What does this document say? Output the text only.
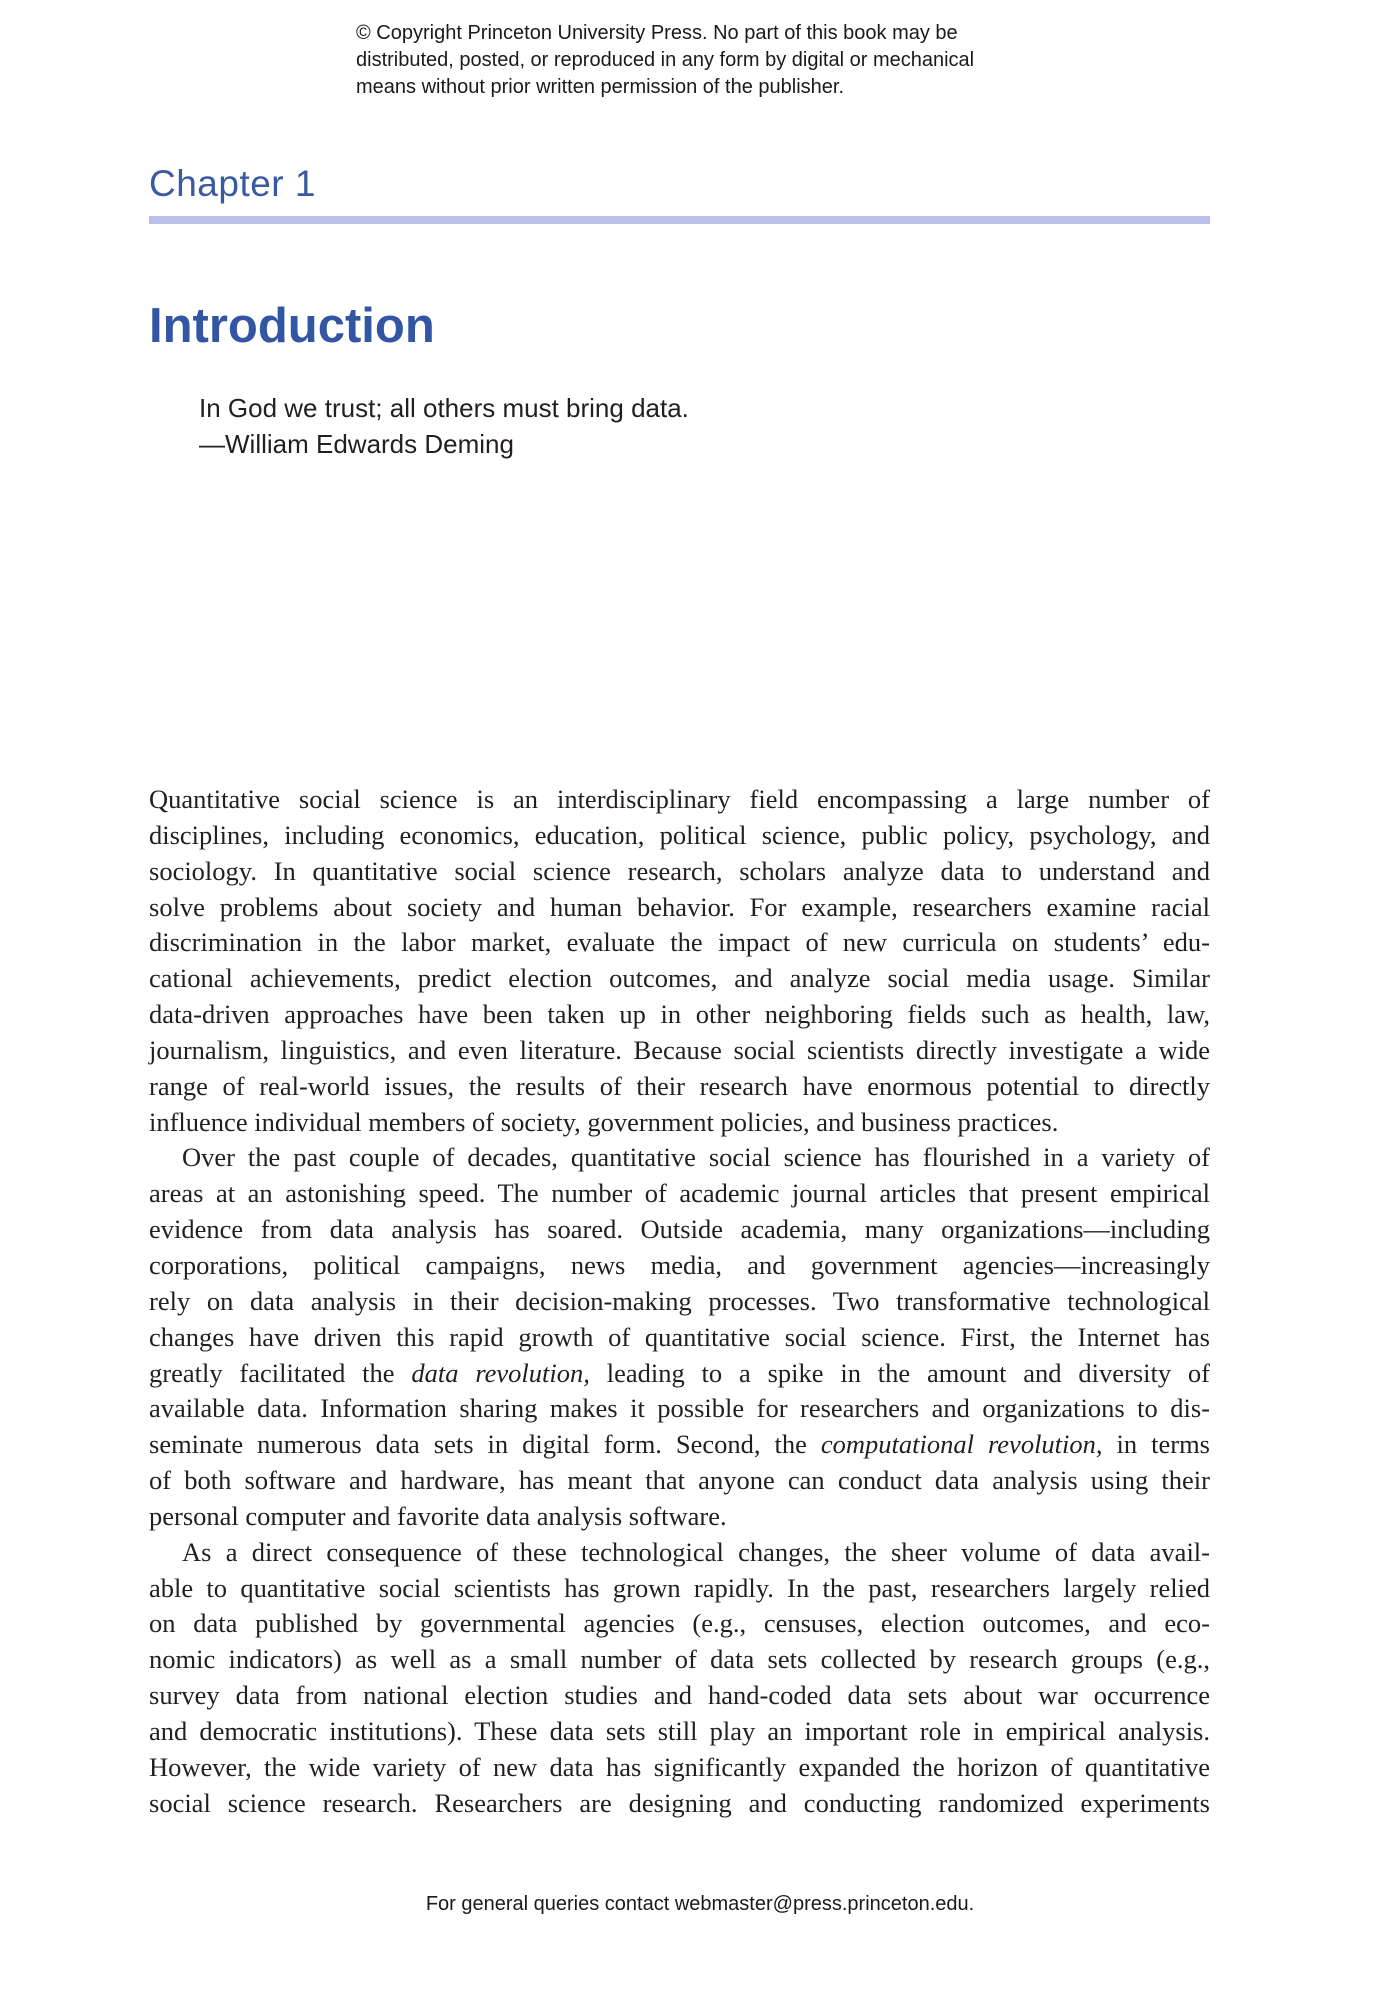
© Copyright Princeton University Press. No part of this book may be
distributed, posted, or reproduced in any form by digital or mechanical
means without prior written permission of the publisher.
Chapter 1
Introduction
In God we trust; all others must bring data.
—William Edwards Deming
Quantitative social science is an interdisciplinary field encompassing a large number of
disciplines, including economics, education, political science, public policy, psychology, and
sociology. In quantitative social science research, scholars analyze data to understand and
solve problems about society and human behavior. For example, researchers examine racial
discrimination in the labor market, evaluate the impact of new curricula on students’ edu-
cational achievements, predict election outcomes, and analyze social media usage. Similar
data-driven approaches have been taken up in other neighboring fields such as health, law,
journalism, linguistics, and even literature. Because social scientists directly investigate a wide
range of real-world issues, the results of their research have enormous potential to directly
influence individual members of society, government policies, and business practices.
Over the past couple of decades, quantitative social science has flourished in a variety of
areas at an astonishing speed. The number of academic journal articles that present empirical
evidence from data analysis has soared. Outside academia, many organizations—including
corporations, political campaigns, news media, and government agencies—increasingly
rely on data analysis in their decision-making processes. Two transformative technological
changes have driven this rapid growth of quantitative social science. First, the Internet has
greatly facilitated the data revolution, leading to a spike in the amount and diversity of
available data. Information sharing makes it possible for researchers and organizations to dis-
seminate numerous data sets in digital form. Second, the computational revolution, in terms
of both software and hardware, has meant that anyone can conduct data analysis using their
personal computer and favorite data analysis software.
As a direct consequence of these technological changes, the sheer volume of data avail-
able to quantitative social scientists has grown rapidly. In the past, researchers largely relied
on data published by governmental agencies (e.g., censuses, election outcomes, and eco-
nomic indicators) as well as a small number of data sets collected by research groups (e.g.,
survey data from national election studies and hand-coded data sets about war occurrence
and democratic institutions). These data sets still play an important role in empirical analysis.
However, the wide variety of new data has significantly expanded the horizon of quantitative
social science research. Researchers are designing and conducting randomized experiments
For general queries contact webmaster@press.princeton.edu.
